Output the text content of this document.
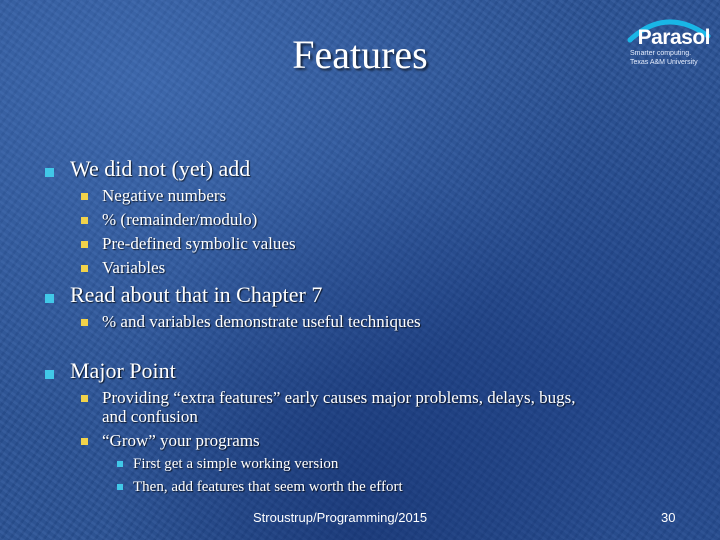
Features	Parasol
Smarter computing.
Texas A&M University
We did not (yet) add
Negative numbers
% (remainder/modulo)
Pre-defined symbolic values
Variables
Read about that in Chapter 7
% and variables demonstrate useful techniques
Major Point
Providing “extra features” early causes major problems, delays, bugs,
and confusion
“Grow” your programs
First get a simple working version
Then, add features that seem worth the effort
Stroustrup/Programming/2015	30
